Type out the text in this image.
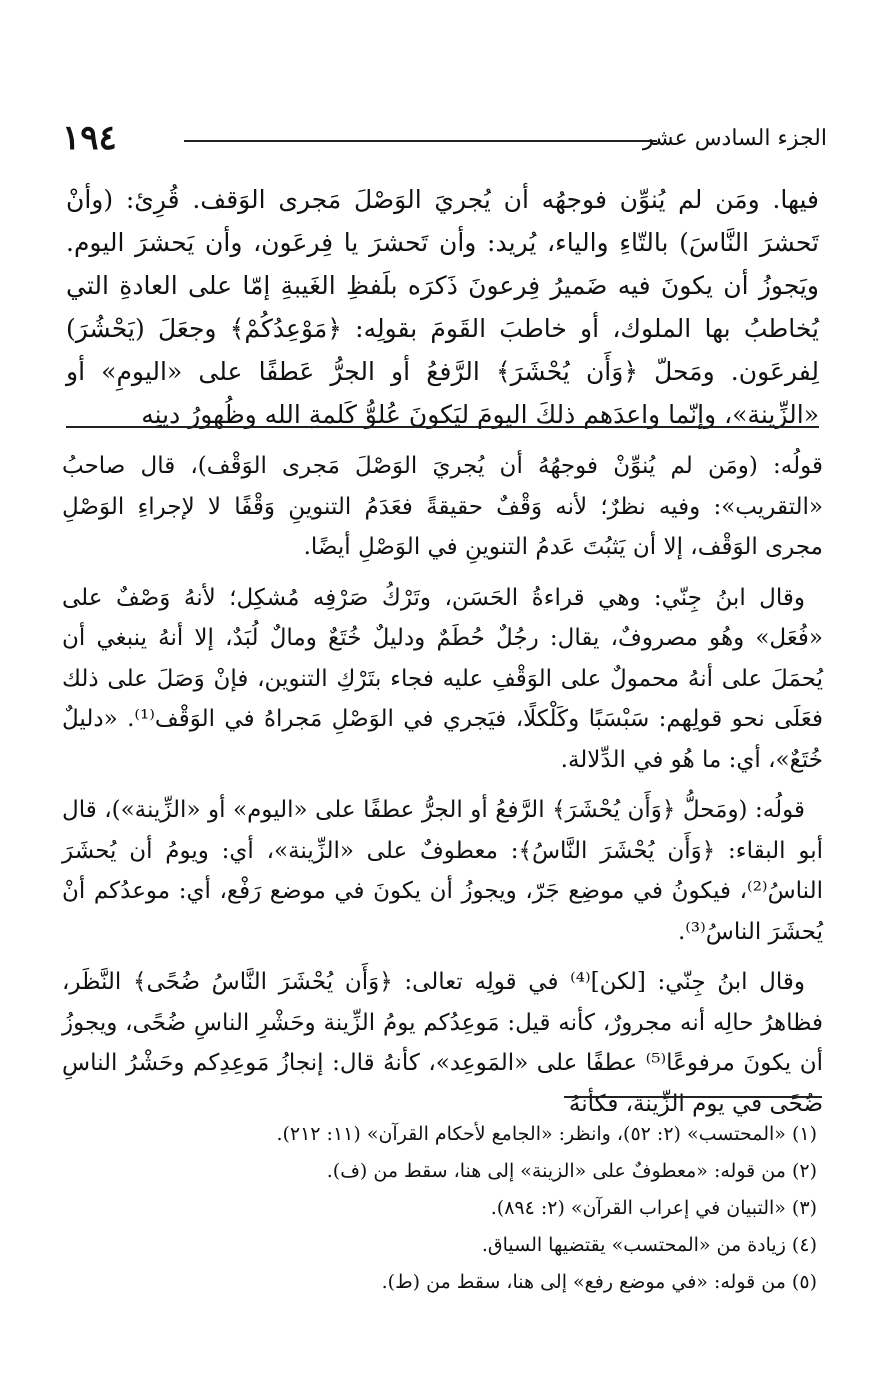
١٩٤	الجزء السادس عشر

فيها. ومَن لم يُنوِّن فوجهُه أن يُجريَ الوَصْلَ مَجرى الوَقف. قُرِئ: (وأنْ تَحشرَ النَّاسَ) بالتّاءِ والياء، يُريد: وأن تَحشرَ يا فِرعَون، وأن يَحشرَ اليوم. ويَجوزُ أن يكونَ فيه ضَميرُ فِرعونَ ذَكرَه بلَفظِ الغَيبةِ إمّا على العادةِ التي يُخاطبُ بها الملوك، أو خاطبَ القَومَ بقولِه: ﴿مَوْعِدُكُمْ﴾ وجعَلَ (يَحْشُرَ) لِفرعَون. ومَحلّ ﴿وَأَن يُحْشَرَ﴾ الرَّفعُ أو الجرُّ عَطفًا على «اليومِ» أو «الزِّينة»، وإنّما واعدَهم ذلكَ اليومَ ليَكونَ عُلوُّ كَلمةِ الله وظُهورُ دينِه

قولُه: (ومَن لم يُنوِّنْ فوجهُهُ أن يُجريَ الوَصْلَ مَجرى الوَقْف)، قال صاحبُ «التقريب»: وفيه نظرٌ؛ لأنه وَقْفٌ حقيقةً فعَدَمُ التنوينِ وَقْفًا لا لإجراءِ الوَصْلِ مجرى الوَقْف، إلا أن يَثبُتَ عَدمُ التنوينِ في الوَصْلِ أيضًا.

وقال ابنُ جِنّي: وهي قراءةُ الحَسَن، وتَرْكُ صَرْفِه مُشكِل؛ لأنهُ وَصْفٌ على «فُعَل» وهُو مصروفٌ، يقال: رجُلٌ حُطَمٌ ودليلٌ خُتَعٌ ومالٌ لُبَدٌ، إلا أنهُ ينبغي أن يُحمَلَ على أنهُ محمولٌ على الوَقْفِ عليه فجاء بتَرْكِ التنوين، فإنْ وَصَلَ على ذلك فعَلَى نحو قولِهم: سَبْسَبًا وكَلْكلًا، فيَجري في الوَصْلِ مَجراهُ في الوَقْف⁽¹⁾. «دليلٌ خُتَعٌ»، أي: ما هُو في الدِّلالة.

قولُه: (ومَحلُّ ﴿وَأَن يُحْشَرَ﴾ الرَّفعُ أو الجرُّ عطفًا على «اليوم» أو «الزِّينة»)، قال أبو البقاء: ﴿وَأَن يُحْشَرَ النَّاسُ﴾: معطوفٌ على «الزِّينة»، أي: ويومُ أن يُحشَرَ الناسُ⁽²⁾، فيكونُ في موضِع جَرّ، ويجوزُ أن يكونَ في موضع رَفْع، أي: موعدُكم أنْ يُحشَرَ الناسُ⁽³⁾.

وقال ابنُ جِنّي: [لكن]⁽⁴⁾ في قولِه تعالى: ﴿وَأَن يُحْشَرَ النَّاسُ ضُحًى﴾ النَّظَر، فظاهرُ حالِه أنه مجرورٌ، كأنه قيل: مَوعِدُكم يومُ الزِّينة وحَشْرِ الناسِ ضُحًى، ويجوزُ أن يكونَ مرفوعًا⁽⁵⁾ عطفًا على «المَوعِد»، كأنهُ قال: إنجازُ مَوعِدِكم وحَشْرُ الناسِ ضُحًى في يوم الزِّينة، فكأنهُ

(١) «المحتسب» (٢: ٥٢)، وانظر: «الجامع لأحكام القرآن» (١١: ٢١٢).
(٢) من قوله: «معطوفٌ على «الزينة» إلى هنا، سقط من (ف).
(٣) «التبيان في إعراب القرآن» (٢: ٨٩٤).
(٤) زيادة من «المحتسب» يقتضيها السياق.
(٥) من قوله: «في موضع رفع» إلى هنا، سقط من (ط).
